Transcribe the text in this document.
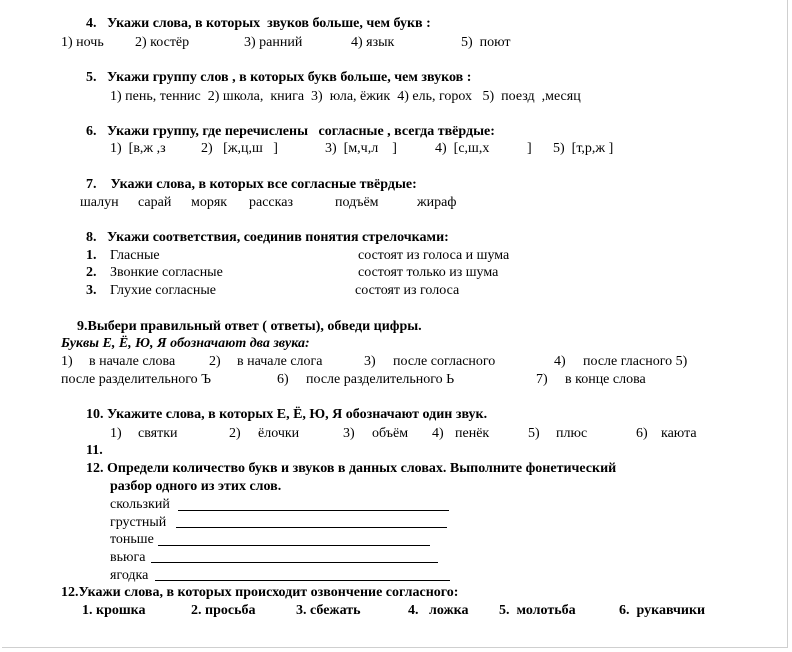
4.   Укажи слова, в которых  звуков больше, чем букв :
1) ночь 2) костёр	3) ранний	4) язык	5)  поют
5.   Укажи группу слов , в которых букв больше, чем звуков :
1) пень, теннис  2) школа,  книга  3)  юла, ёжик  4) ель, горох   5)  поезд  ,месяц
6.   Укажи группу, где перечислены   согласные , всегда твёрдые:
1)  [в,ж ,з	2)   [ж,ц,ш   ]	3)  [м,ч,л    ]	4)  [с,ш,х	] 5)  [т,р,ж ]
7.    Укажи слова, в которых все согласные твёрдые:
шалун сарай моряк рассказ	подъём	жираф
8.   Укажи соответствия, соединив понятия стрелочками:
1. Гласные	состоят из голоса и шума
2. Звонкие согласные	состоят только из шума
3. Глухие согласные	состоят из голоса
9.Выбери правильный ответ ( ответы), обведи цифры.
Буквы Е, Ё, Ю, Я обозначают два звука:
1) в начале слова 2) в начале слога	3) после согласного	4) после гласного 5)
после разделительного Ъ	6) после разделительного Ь	7) в конце слова
10. Укажите слова, в которых Е, Ё, Ю, Я обозначают один звук.
1) святки	2) ёлочки	3) объём 4) пенёк	5) плюс	6) каюта
11.
12. Определи количество букв и звуков в данных словах. Выполните фонетический
разбор одного из этих слов.
скользкий
грустный
тоньше
вьюга
ягодка
12.Укажи слова, в которых происходит озвончение согласного:
1. крошка	2. просьба	3. сбежать	4.   ложка 5.  молотьба	6.  рукавчики
